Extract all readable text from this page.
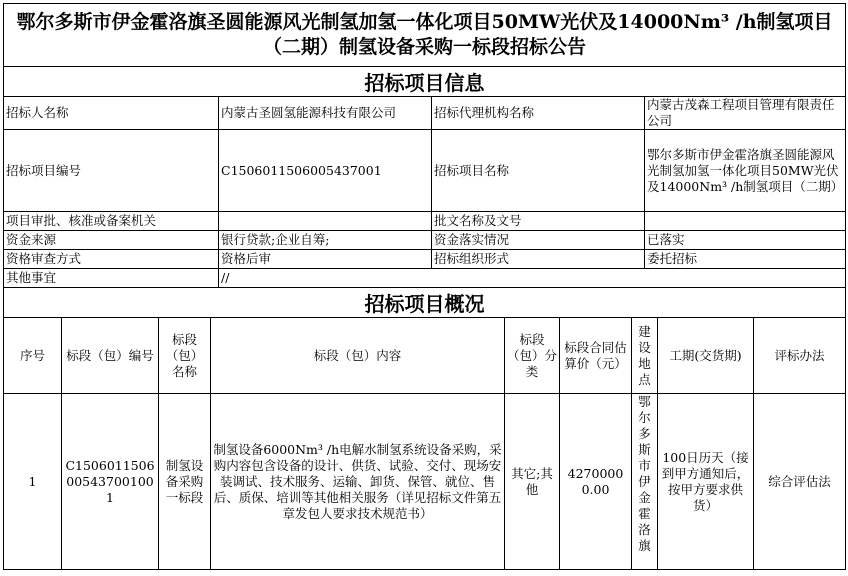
鄂尔多斯市伊金霍洛旗圣圆能源风光制氢加氢一体化项目50MW光伏及14000Nm³ /h制氢项目（二期）制氢设备采购一标段招标公告			
招标项目信息			
招标人名称	内蒙古圣圆氢能源科技有限公司	招标代理机构名称	内蒙古茂森工程项目管理有限责任公司
招标项目编号	C1506011506005437001	招标项目名称	鄂尔多斯市伊金霍洛旗圣圆能源风光制氢加氢一体化项目50MW光伏及14000Nm³ /h制氢项目（二期）
项目审批、核准或备案机关		批文名称及文号	
资金来源	银行贷款;企业自筹;	资金落实情况	已落实
资格审查方式	资格后审	招标组织形式	委托招标
其他事宜	//		
招标项目概况								
序号	标段（包）编号	标段（包）名称	标段（包）内容	标段（包）分类	标段合同估算价（元）	建设地点	工期(交货期)	评标办法
1	C1506011506005437001001	制氢设备采购一标段	制氢设备6000Nm³ /h电解水制氢系统设备采购，采购内容包含设备的设计、供货、试验、交付、现场安装调试、技术服务、运输、卸货、保管、就位、售后、质保、培训等其他相关服务（详见招标文件第五章发包人要求技术规范书）	其它;其他	42700000.00	鄂尔多斯市伊金霍洛旗	100日历天（接到甲方通知后，按甲方要求供货）	综合评估法
